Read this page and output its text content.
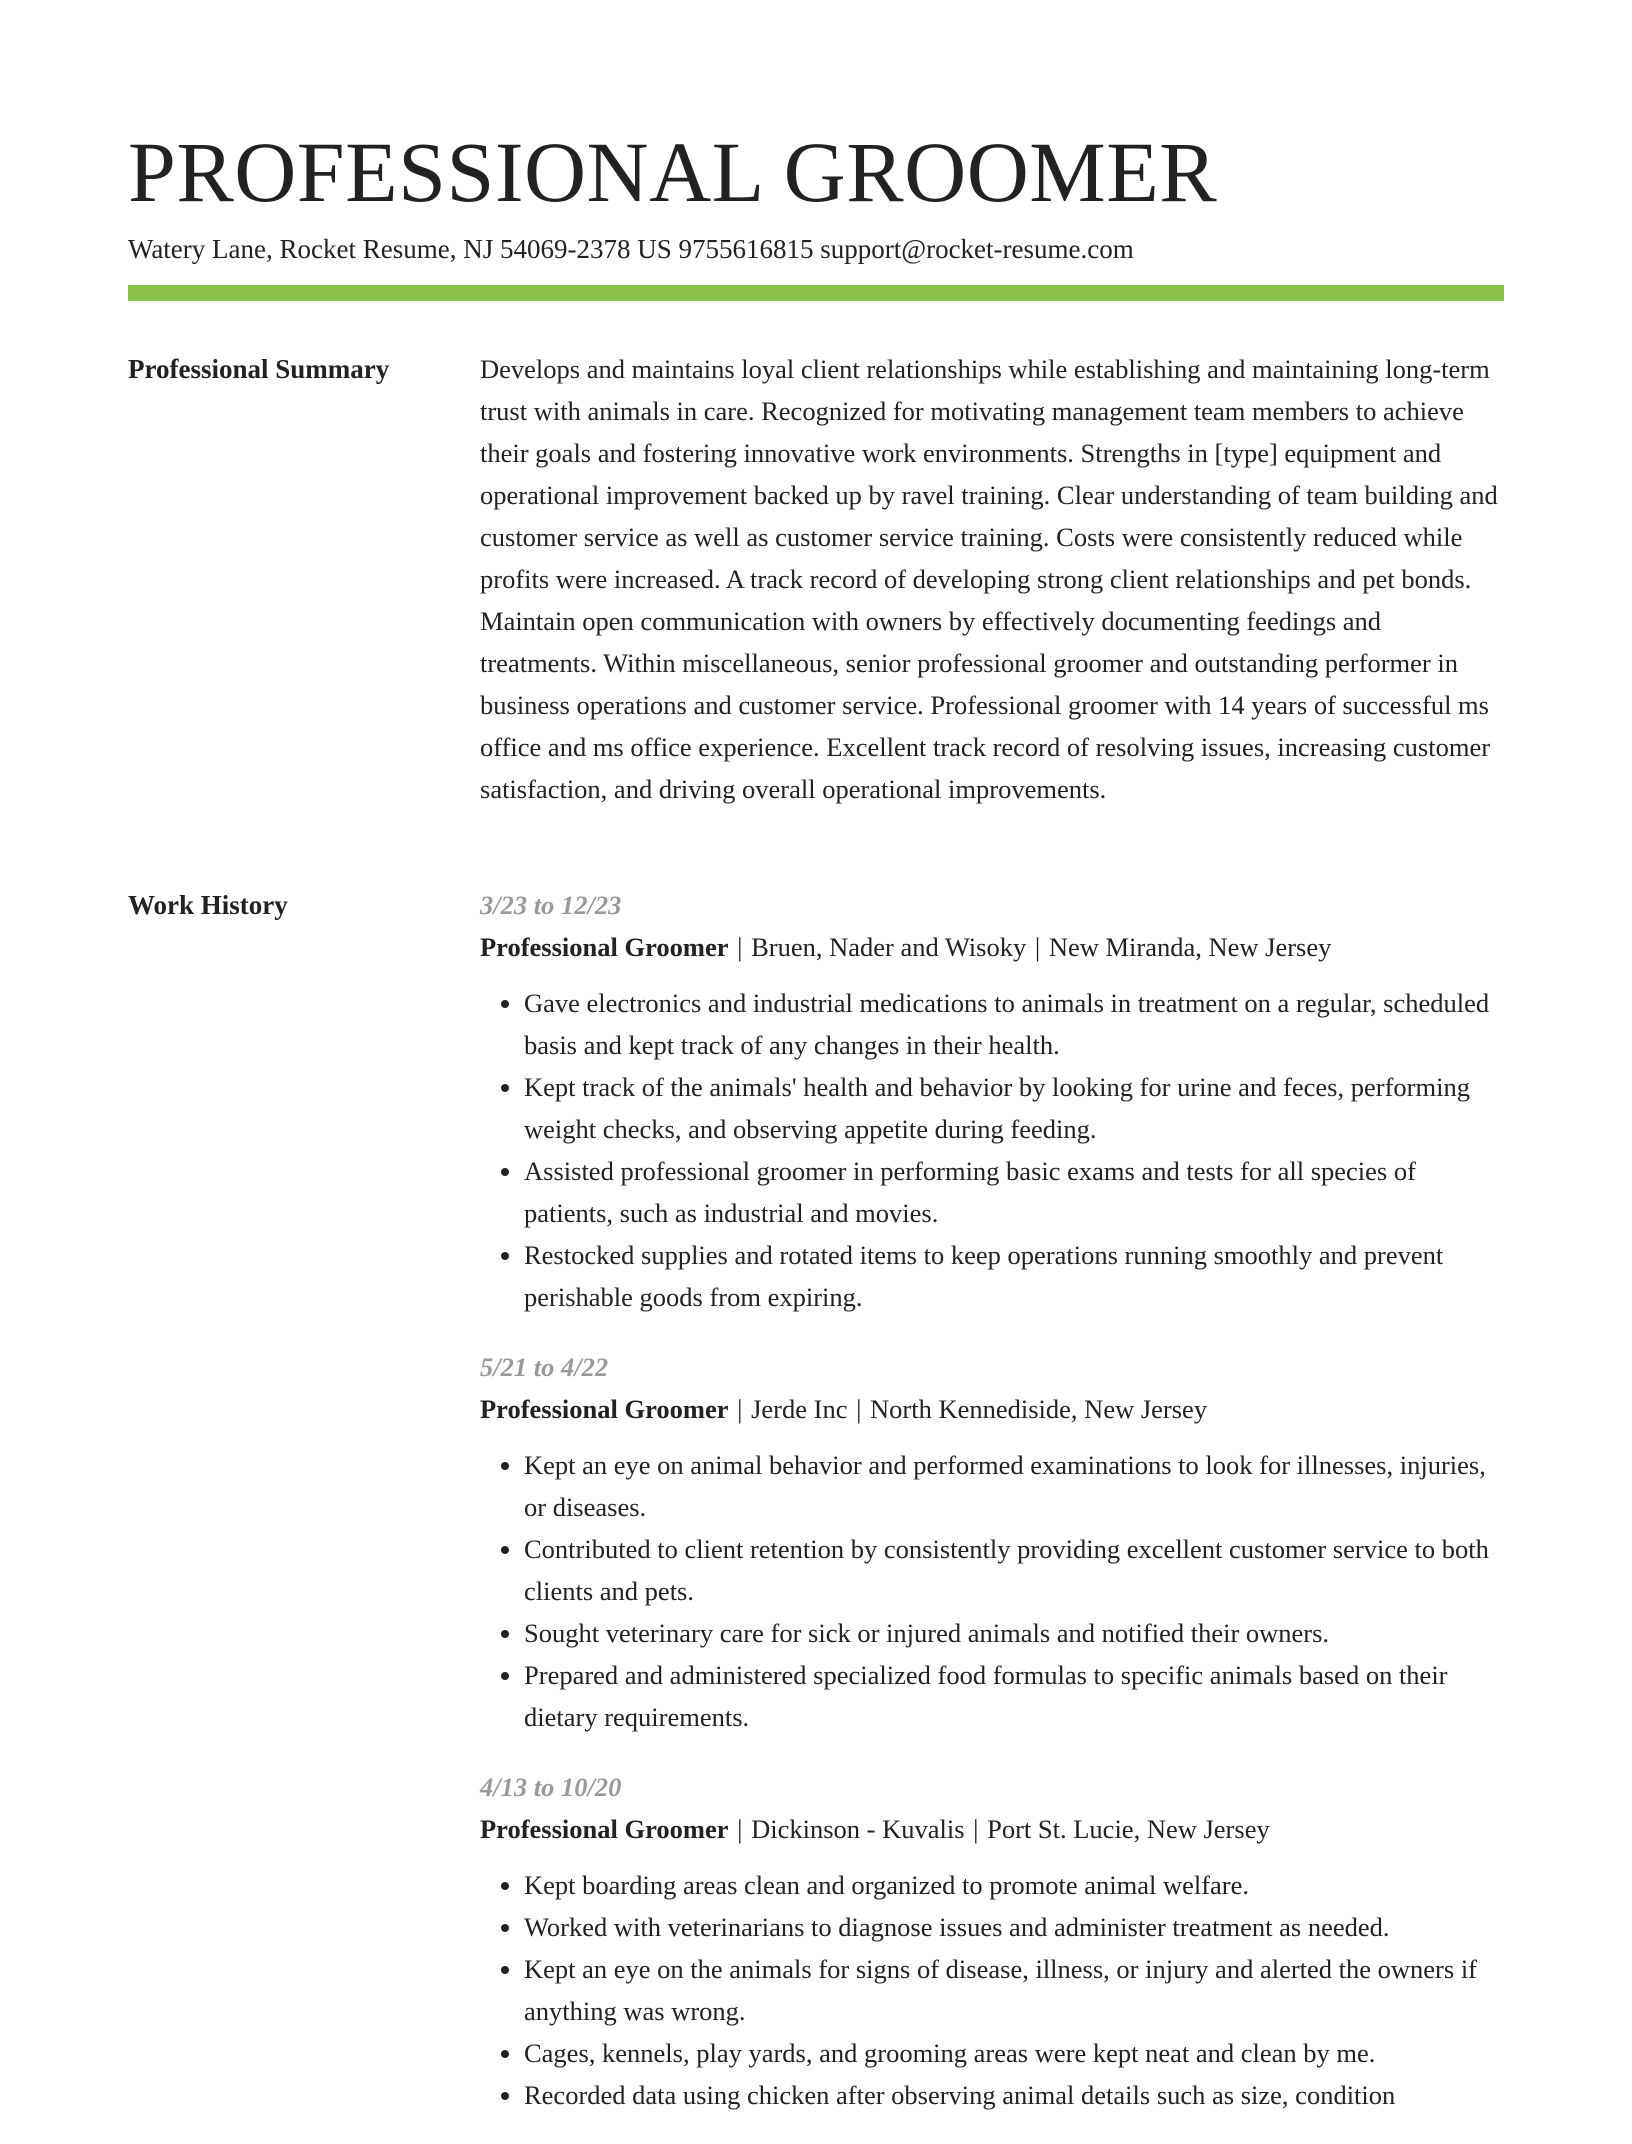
PROFESSIONAL GROOMER
Watery Lane, Rocket Resume, NJ 54069-2378 US 9755616815 support@rocket-resume.com
Professional Summary	Develops and maintains loyal client relationships while establishing and maintaining long-term trust with animals in care. Recognized for motivating management team members to achieve their goals and fostering innovative work environments. Strengths in [type] equipment and operational improvement backed up by ravel training. Clear understanding of team building and customer service as well as customer service training. Costs were consistently reduced while profits were increased. A track record of developing strong client relationships and pet bonds. Maintain open communication with owners by effectively documenting feedings and treatments. Within miscellaneous, senior professional groomer and outstanding performer in business operations and customer service. Professional groomer with 14 years of successful ms office and ms office experience. Excellent track record of resolving issues, increasing customer satisfaction, and driving overall operational improvements.

Work History	3/23 to 12/23
Professional Groomer | Bruen, Nader and Wisoky | New Miranda, New Jersey
• Gave electronics and industrial medications to animals in treatment on a regular, scheduled basis and kept track of any changes in their health.
• Kept track of the animals' health and behavior by looking for urine and feces, performing weight checks, and observing appetite during feeding.
• Assisted professional groomer in performing basic exams and tests for all species of patients, such as industrial and movies.
• Restocked supplies and rotated items to keep operations running smoothly and prevent perishable goods from expiring.
5/21 to 4/22
Professional Groomer | Jerde Inc | North Kennediside, New Jersey
• Kept an eye on animal behavior and performed examinations to look for illnesses, injuries, or diseases.
• Contributed to client retention by consistently providing excellent customer service to both clients and pets.
• Sought veterinary care for sick or injured animals and notified their owners.
• Prepared and administered specialized food formulas to specific animals based on their dietary requirements.
4/13 to 10/20
Professional Groomer | Dickinson - Kuvalis | Port St. Lucie, New Jersey
• Kept boarding areas clean and organized to promote animal welfare.
• Worked with veterinarians to diagnose issues and administer treatment as needed.
• Kept an eye on the animals for signs of disease, illness, or injury and alerted the owners if anything was wrong.
• Cages, kennels, play yards, and grooming areas were kept neat and clean by me.
• Recorded data using chicken after observing animal details such as size, condition
